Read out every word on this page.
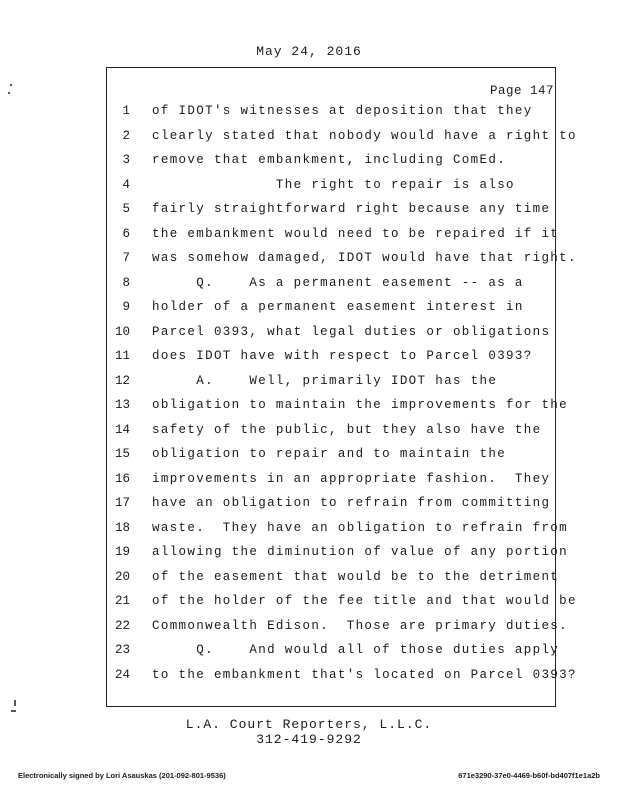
May 24, 2016
Page 147
1 of IDOT's witnesses at deposition that they
2 clearly stated that nobody would have a right to
3 remove that embankment, including ComEd.
4 The right to repair is also
5 fairly straightforward right because any time
6 the embankment would need to be repaired if it
7 was somehow damaged, IDOT would have that right.
8 Q.    As a permanent easement -- as a
9 holder of a permanent easement interest in
10 Parcel 0393, what legal duties or obligations
11 does IDOT have with respect to Parcel 0393?
12 A.    Well, primarily IDOT has the
13 obligation to maintain the improvements for the
14 safety of the public, but they also have the
15 obligation to repair and to maintain the
16 improvements in an appropriate fashion.  They
17 have an obligation to refrain from committing
18 waste.  They have an obligation to refrain from
19 allowing the diminution of value of any portion
20 of the easement that would be to the detriment
21 of the holder of the fee title and that would be
22 Commonwealth Edison.  Those are primary duties.
23 Q.    And would all of those duties apply
24 to the embankment that's located on Parcel 0393?
L.A. Court Reporters, L.L.C.
312-419-9292
Electronically signed by Lori Asauskas (201-092-801-9536)	671e3290-37e0-4469-b60f-bd407f1e1a2b
